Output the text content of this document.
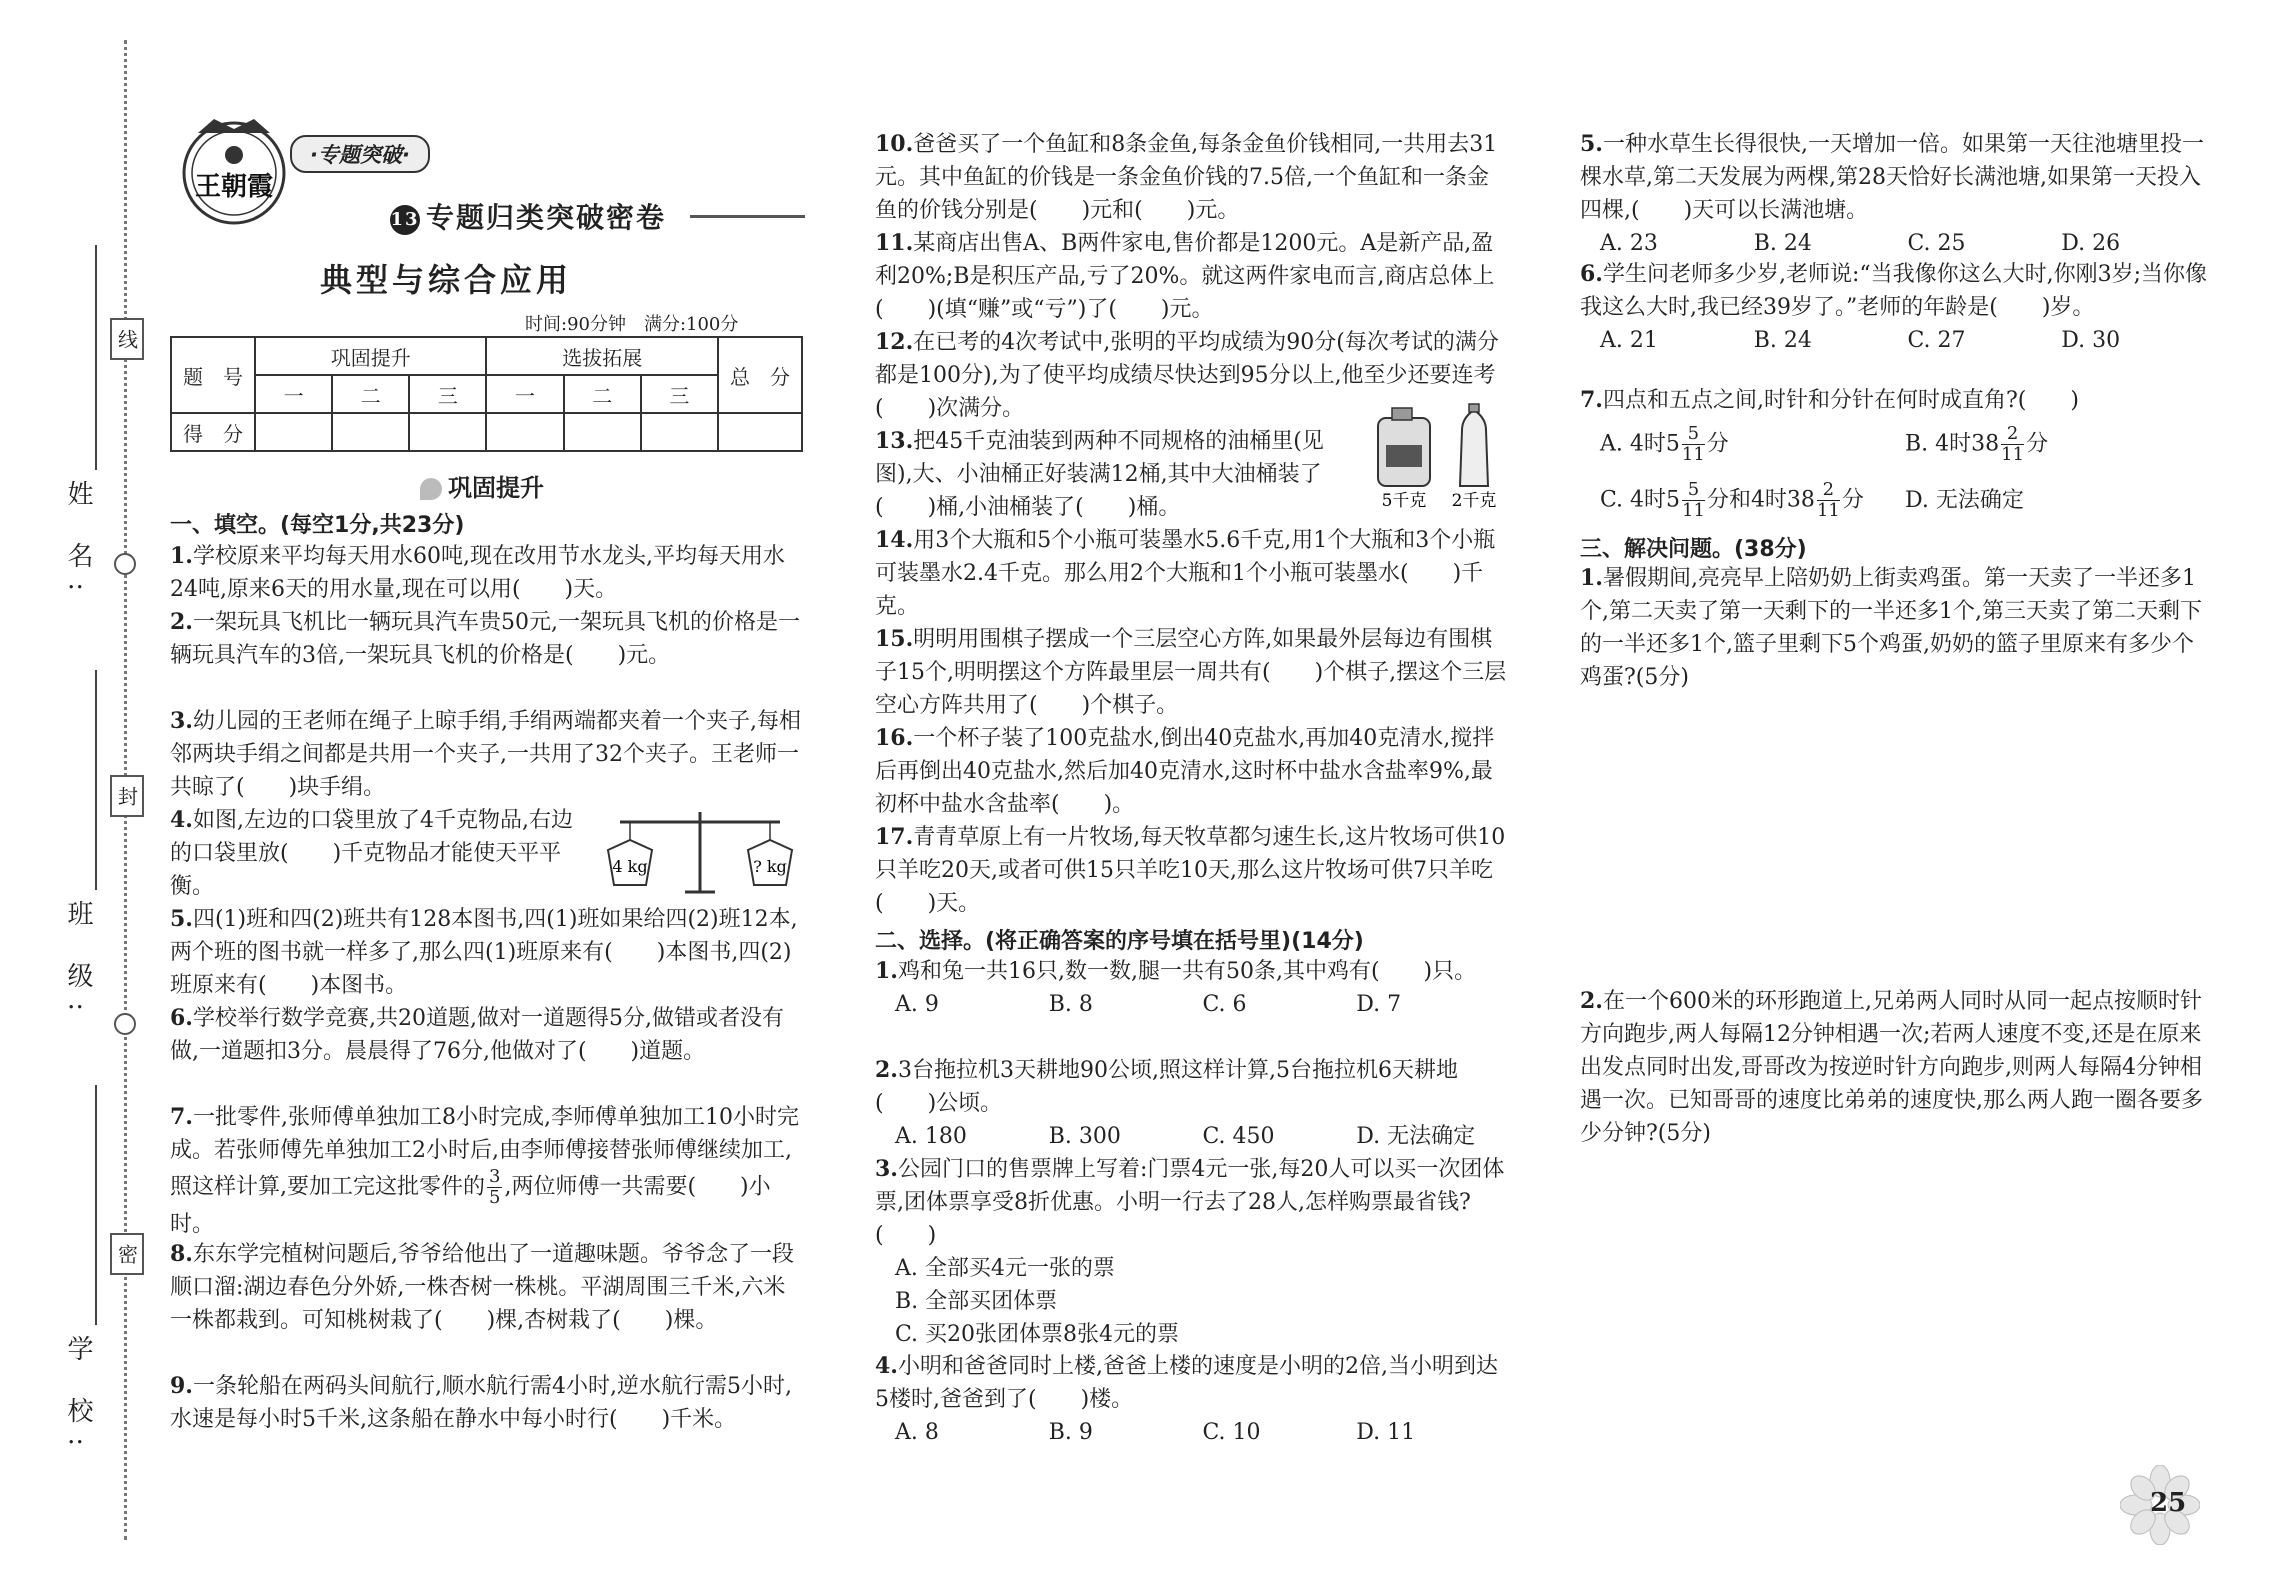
线
封
密
姓 名:
班 级:
学 校:
王朝霞
·专题突破·
13 专题归类突破密卷
典型与综合应用
时间:90分钟　满分:100分
题　号	巩固提升			选拔拓展			总　分
	一	二	三	一	二	三	
得　分							
巩固提升
一、填空。(每空1分,共23分)
1.学校原来平均每天用水60吨,现在改用节水龙头,平均每天用水24吨,原来6天的用水量,现在可以用(　　)天。
2.一架玩具飞机比一辆玩具汽车贵50元,一架玩具飞机的价格是一辆玩具汽车的3倍,一架玩具飞机的价格是(　　)元。
3.幼儿园的王老师在绳子上晾手绢,手绢两端都夹着一个夹子,每相邻两块手绢之间都是共用一个夹子,一共用了32个夹子。王老师一共晾了(　　)块手绢。
4.如图,左边的口袋里放了4千克物品,右边的口袋里放(　　)千克物品才能使天平平衡。
4 kg	? kg
5.四(1)班和四(2)班共有128本图书,四(1)班如果给四(2)班12本,两个班的图书就一样多了,那么四(1)班原来有(　　)本图书,四(2)班原来有(　　)本图书。
6.学校举行数学竞赛,共20道题,做对一道题得5分,做错或者没有做,一道题扣3分。晨晨得了76分,他做对了(　　)道题。
7.一批零件,张师傅单独加工8小时完成,李师傅单独加工10小时完成。若张师傅先单独加工2小时后,由李师傅接替张师傅继续加工,照这样计算,要加工完这批零件的 $\frac{3}{5}$ ,两位师傅一共需要(　　)小时。
8.东东学完植树问题后,爷爷给他出了一道趣味题。爷爷念了一段顺口溜:湖边春色分外娇,一株杏树一株桃。平湖周围三千米,六米一株都栽到。可知桃树栽了(　　)棵,杏树栽了(　　)棵。
9.一条轮船在两码头间航行,顺水航行需4小时,逆水航行需5小时,水速是每小时5千米,这条船在静水中每小时行(　　)千米。
10.爸爸买了一个鱼缸和8条金鱼,每条金鱼价钱相同,一共用去31元。其中鱼缸的价钱是一条金鱼价钱的7.5倍,一个鱼缸和一条金鱼的价钱分别是(　　)元和(　　)元。
11.某商店出售A、B两件家电,售价都是1200元。A是新产品,盈利20%;B是积压产品,亏了20%。就这两件家电而言,商店总体上(　　)(填“赚”或“亏”)了(　　)元。
12.在已考的4次考试中,张明的平均成绩为90分(每次考试的满分都是100分),为了使平均成绩尽快达到95分以上,他至少还要连考(　　)次满分。
13.把45千克油装到两种不同规格的油桶里(见图),大、小油桶正好装满12桶,其中大油桶装了(　　)桶,小油桶装了(　　)桶。	5千克 2千克
14.用3个大瓶和5个小瓶可装墨水5.6千克,用1个大瓶和3个小瓶可装墨水2.4千克。那么用2个大瓶和1个小瓶可装墨水(　　)千克。
15.明明用围棋子摆成一个三层空心方阵,如果最外层每边有围棋子15个,明明摆这个方阵最里层一周共有(　　)个棋子,摆这个三层空心方阵共用了(　　)个棋子。
16.一个杯子装了100克盐水,倒出40克盐水,再加40克清水,搅拌后再倒出40克盐水,然后加40克清水,这时杯中盐水含盐率9%,最初杯中盐水含盐率(　　)。
17.青青草原上有一片牧场,每天牧草都匀速生长,这片牧场可供10只羊吃20天,或者可供15只羊吃10天,那么这片牧场可供7只羊吃(　　)天。
二、选择。(将正确答案的序号填在括号里)(14分)
1.鸡和兔一共16只,数一数,腿一共有50条,其中鸡有(　　)只。
A. 9	B. 8	C. 6	D. 7
2.3台拖拉机3天耕地90公顷,照这样计算,5台拖拉机6天耕地(　　)公顷。
A. 180	B. 300	C. 450	D. 无法确定
3.公园门口的售票牌上写着:门票4元一张,每20人可以买一次团体票,团体票享受8折优惠。小明一行去了28人,怎样购票最省钱?(　　)
A. 全部买4元一张的票
B. 全部买团体票
C. 买20张团体票8张4元的票
4.小明和爸爸同时上楼,爸爸上楼的速度是小明的2倍,当小明到达5楼时,爸爸到了(　　)楼。
A. 8	B. 9	C. 10	D. 11
5.一种水草生长得很快,一天增加一倍。如果第一天往池塘里投一棵水草,第二天发展为两棵,第28天恰好长满池塘,如果第一天投入四棵,(　　)天可以长满池塘。
A. 23	B. 24	C. 25	D. 26
6.学生问老师多少岁,老师说:“当我像你这么大时,你刚3岁;当你像我这么大时,我已经39岁了。”老师的年龄是(　　)岁。
A. 21	B. 24	C. 27	D. 30
7.四点和五点之间,时针和分针在何时成直角?(　　)
A. 4时$5 \frac{5}{11}$ 分	B. 4时$38 \frac{2}{11}$ 分
C. 4时$5 \frac{5}{11}$ 分和4时$38 \frac{2}{11}$ 分	D. 无法确定
三、解决问题。(38分)
1.暑假期间,亮亮早上陪奶奶上街卖鸡蛋。第一天卖了一半还多1个,第二天卖了第一天剩下的一半还多1个,第三天卖了第二天剩下的一半还多1个,篮子里剩下5个鸡蛋,奶奶的篮子里原来有多少个鸡蛋?(5分)
2.在一个600米的环形跑道上,兄弟两人同时从同一起点按顺时针方向跑步,两人每隔12分钟相遇一次;若两人速度不变,还是在原来出发点同时出发,哥哥改为按逆时针方向跑步,则两人每隔4分钟相遇一次。已知哥哥的速度比弟弟的速度快,那么两人跑一圈各要多少分钟?(5分)
25
